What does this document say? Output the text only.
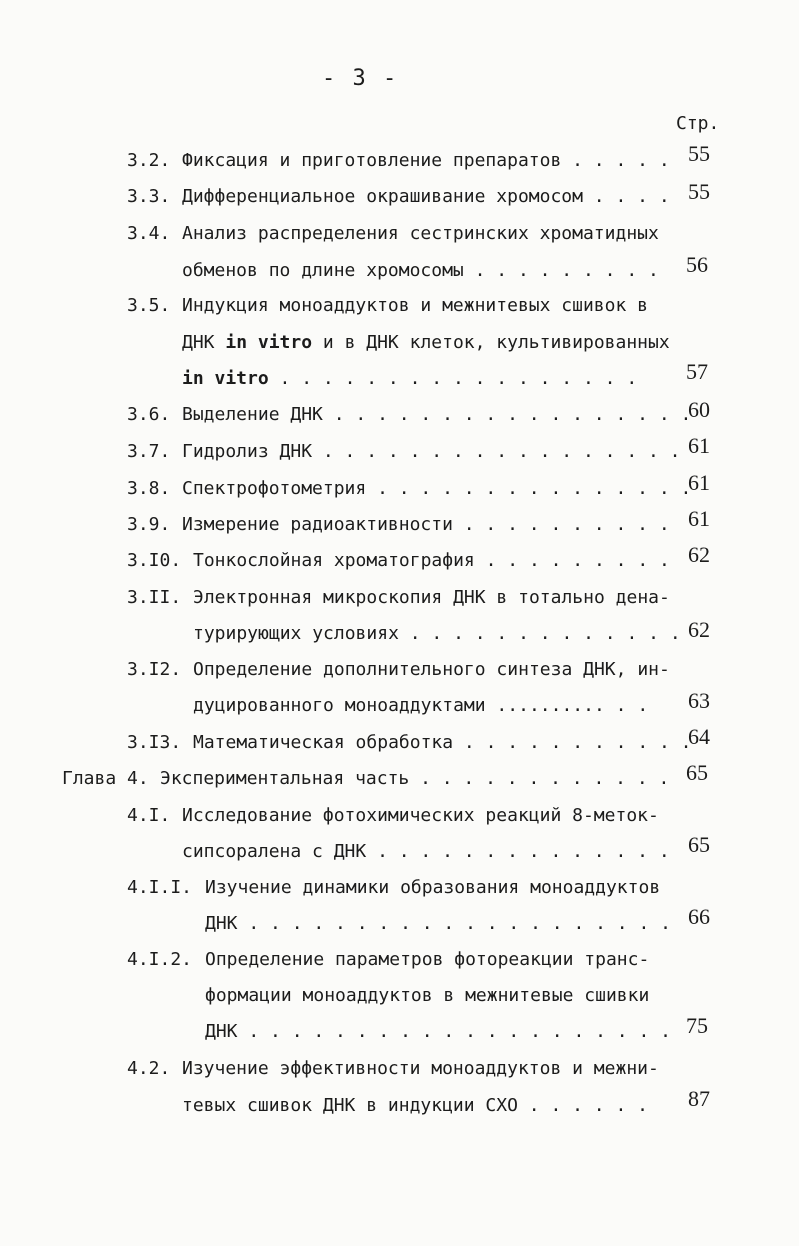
- 3 -
Стр.
3.2. Фиксация и приготовление препаратов . . . . . 55
3.3. Дифференциальное окрашивание хромосом . . . . 55
3.4. Анализ распределения сестринских хроматидных
обменов по длине хромосомы . . . . . . . . . 56
3.5. Индукция моноаддуктов и межнитевых сшивок в
ДНК in vitro и в ДНК клеток, культивированных
in vitro . . . . . . . . . . . . . . . . . 57
3.6. Выделение ДНК . . . . . . . . . . . . . . . . .
60
3.7. Гидролиз ДНК . . . . . . . . . . . . . . . . . 61
3.8. Спектрофотометрия . . . . . . . . . . . . . . .
61
3.9. Измерение радиоактивности . . . . . . . . . . 61
3.I0. Тонкослойная хроматография . . . . . . . . . 62
3.II. Электронная микроскопия ДНК в тотально дена-
турирующих условиях . . . . . . . . . . . . . 62
3.I2. Определение дополнительного синтеза ДНК, ин-
дуцированного моноаддуктами .......... . . 63
3.I3. Математическая обработка . . . . . . . . . . .
64
Глава 4. Экспериментальная часть . . . . . . . . . . . . 65
4.I. Исследование фотохимических реакций 8-меток-
сипсоралена с ДНК . . . . . . . . . . . . . . 65
4.I.I. Изучение динамики образования моноаддуктов
ДНК . . . . . . . . . . . . . . . . . . . . 66
4.I.2. Определение параметров фотореакции транс-
формации моноаддуктов в межнитевые сшивки
ДНК . . . . . . . . . . . . . . . . . . . . 75
4.2. Изучение эффективности моноаддуктов и межни-
тевых сшивок ДНК в индукции СХО . . . . . . 87
